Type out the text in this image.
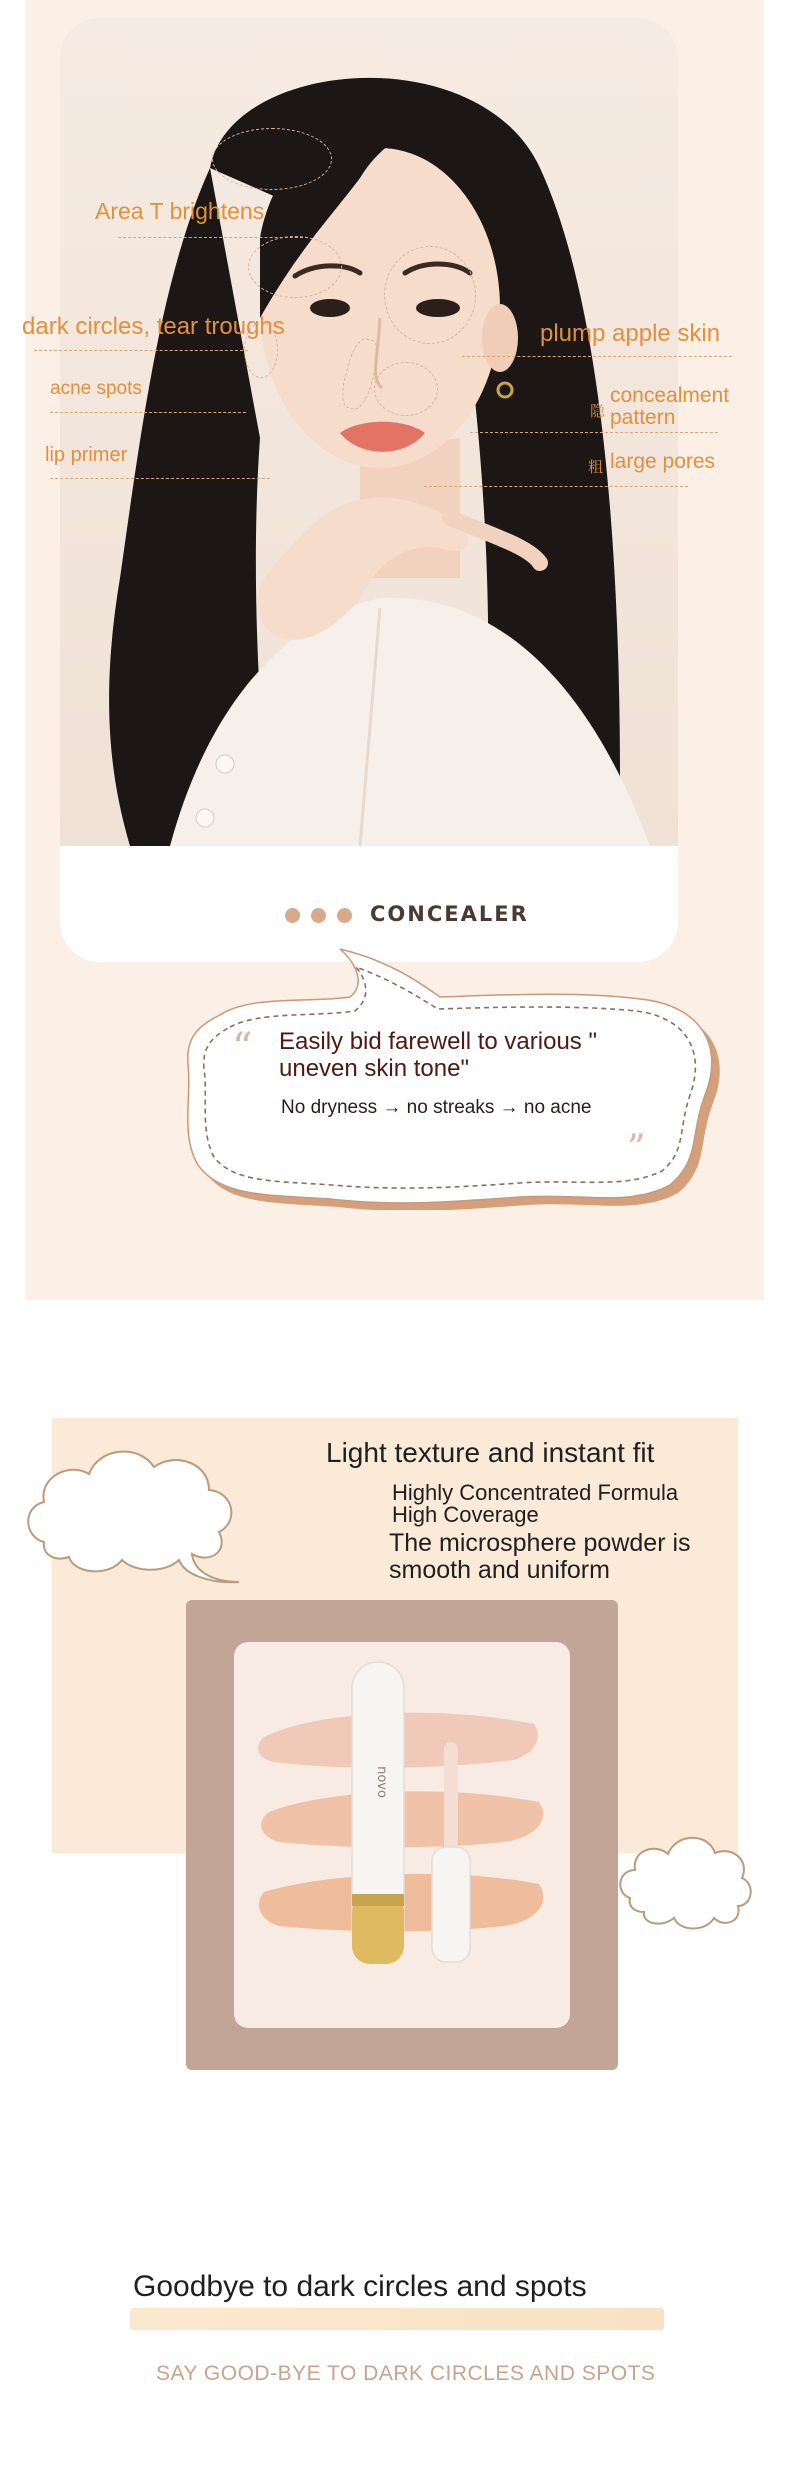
CONCEALER
Area T brightens
dark circles, tear troughs
acne spots
lip primer
plump apple skin
隐
concealment
pattern
粗 large pores
“
”
Easily bid farewell to various "
uneven skin tone"
No dryness → no streaks → no acne
Light texture and instant fit
Highly Concentrated Formula
High Coverage
The microsphere powder is
smooth and uniform
novo
Goodbye to dark circles and spots
SAY GOOD-BYE TO DARK CIRCLES AND SPOTS
